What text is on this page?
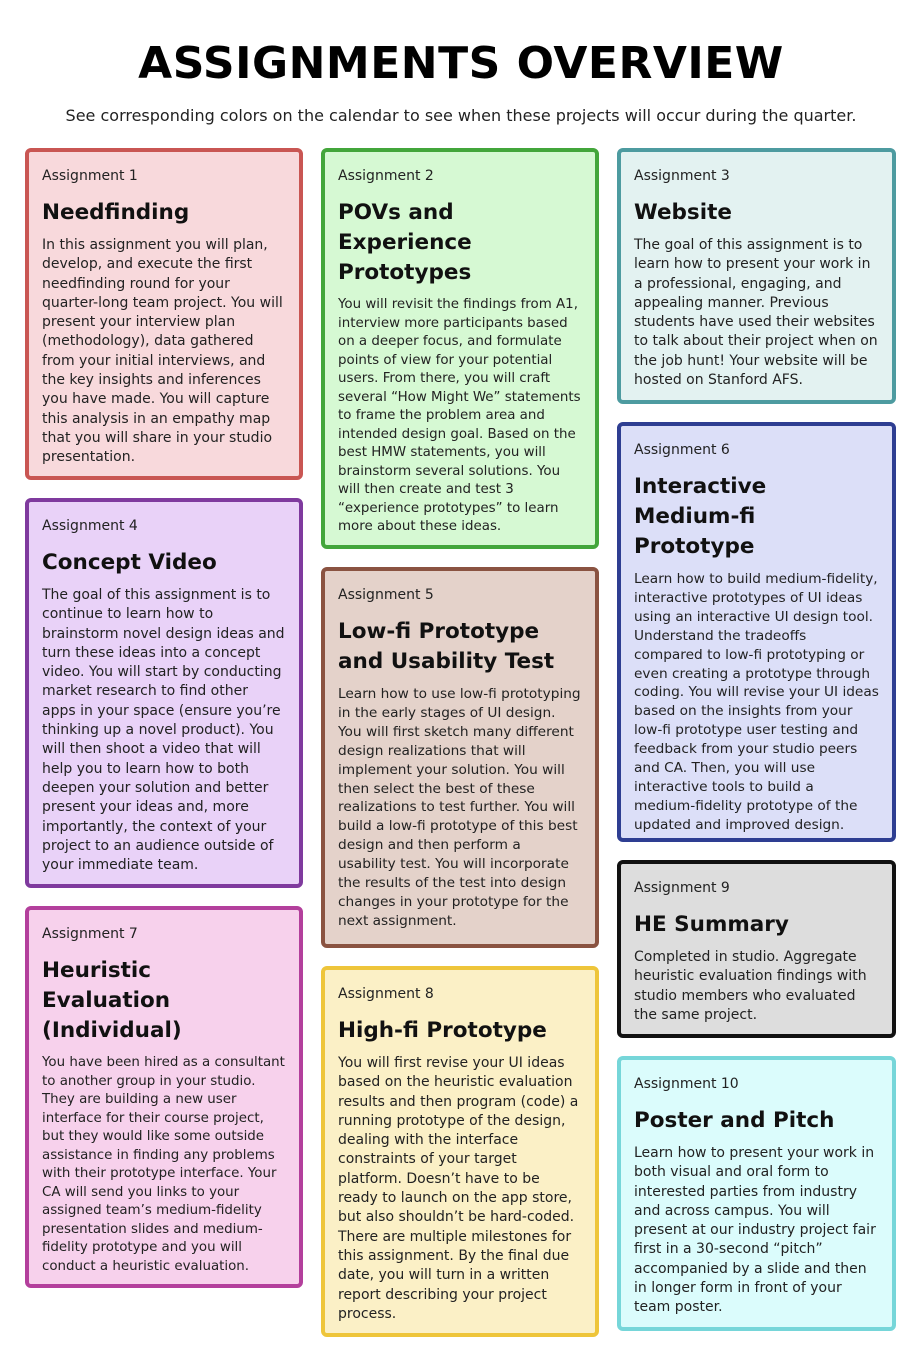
ASSIGNMENTS OVERVIEW

See corresponding colors on the calendar to see when these projects will occur during the quarter.

Assignment 1

Needfinding

In this assignment you will plan, develop, and execute the first needfinding round for your quarter-long team project. You will present your interview plan (methodology), data gathered from your initial interviews, and the key insights and inferences you have made. You will capture this analysis in an empathy map that you will share in your studio presentation.

Assignment 2

POVs and Experience Prototypes

You will revisit the findings from A1, interview more participants based on a deeper focus, and formulate points of view for your potential users. From there, you will craft several “How Might We” statements to frame the problem area and intended design goal. Based on the best HMW statements, you will brainstorm several solutions. You will then create and test 3 “experience prototypes” to learn more about these ideas.

Assignment 3

Website

The goal of this assignment is to learn how to present your work in a professional, engaging, and appealing manner. Previous students have used their websites to talk about their project when on the job hunt! Your website will be hosted on Stanford AFS.

Assignment 4

Concept Video

The goal of this assignment is to continue to learn how to brainstorm novel design ideas and turn these ideas into a concept video. You will start by conducting market research to find other apps in your space (ensure you’re thinking up a novel product). You will then shoot a video that will help you to learn how to both deepen your solution and better present your ideas and, more importantly, the context of your project to an audience outside of your immediate team.

Assignment 5

Low-fi Prototype and Usability Test

Learn how to use low-fi prototyping in the early stages of UI design. You will first sketch many different design realizations that will implement your solution. You will then select the best of these realizations to test further. You will build a low-fi prototype of this best design and then perform a usability test. You will incorporate the results of the test into design changes in your prototype for the next assignment.

Assignment 6

Interactive Medium-fi Prototype

Learn how to build medium-fidelity, interactive prototypes of UI ideas using an interactive UI design tool. Understand the tradeoffs compared to low-fi prototyping or even creating a prototype through coding. You will revise your UI ideas based on the insights from your low-fi prototype user testing and feedback from your studio peers and CA. Then, you will use interactive tools to build a medium-fidelity prototype of the updated and improved design.

Assignment 7

Heuristic Evaluation (Individual)

You have been hired as a consultant to another group in your studio. They are building a new user interface for their course project, but they would like some outside assistance in finding any problems with their prototype interface. Your CA will send you links to your assigned team’s medium-fidelity presentation slides and medium-fidelity prototype and you will conduct a heuristic evaluation.

Assignment 8

High-fi Prototype

You will first revise your UI ideas based on the heuristic evaluation results and then program (code) a running prototype of the design, dealing with the interface constraints of your target platform. Doesn’t have to be ready to launch on the app store, but also shouldn’t be hard-coded. There are multiple milestones for this assignment. By the final due date, you will turn in a written report describing your project process.

Assignment 9

HE Summary

Completed in studio. Aggregate heuristic evaluation findings with studio members who evaluated the same project.

Assignment 10

Poster and Pitch

Learn how to present your work in both visual and oral form to interested parties from industry and across campus. You will present at our industry project fair first in a 30-second “pitch” accompanied by a slide and then in longer form in front of your team poster.
